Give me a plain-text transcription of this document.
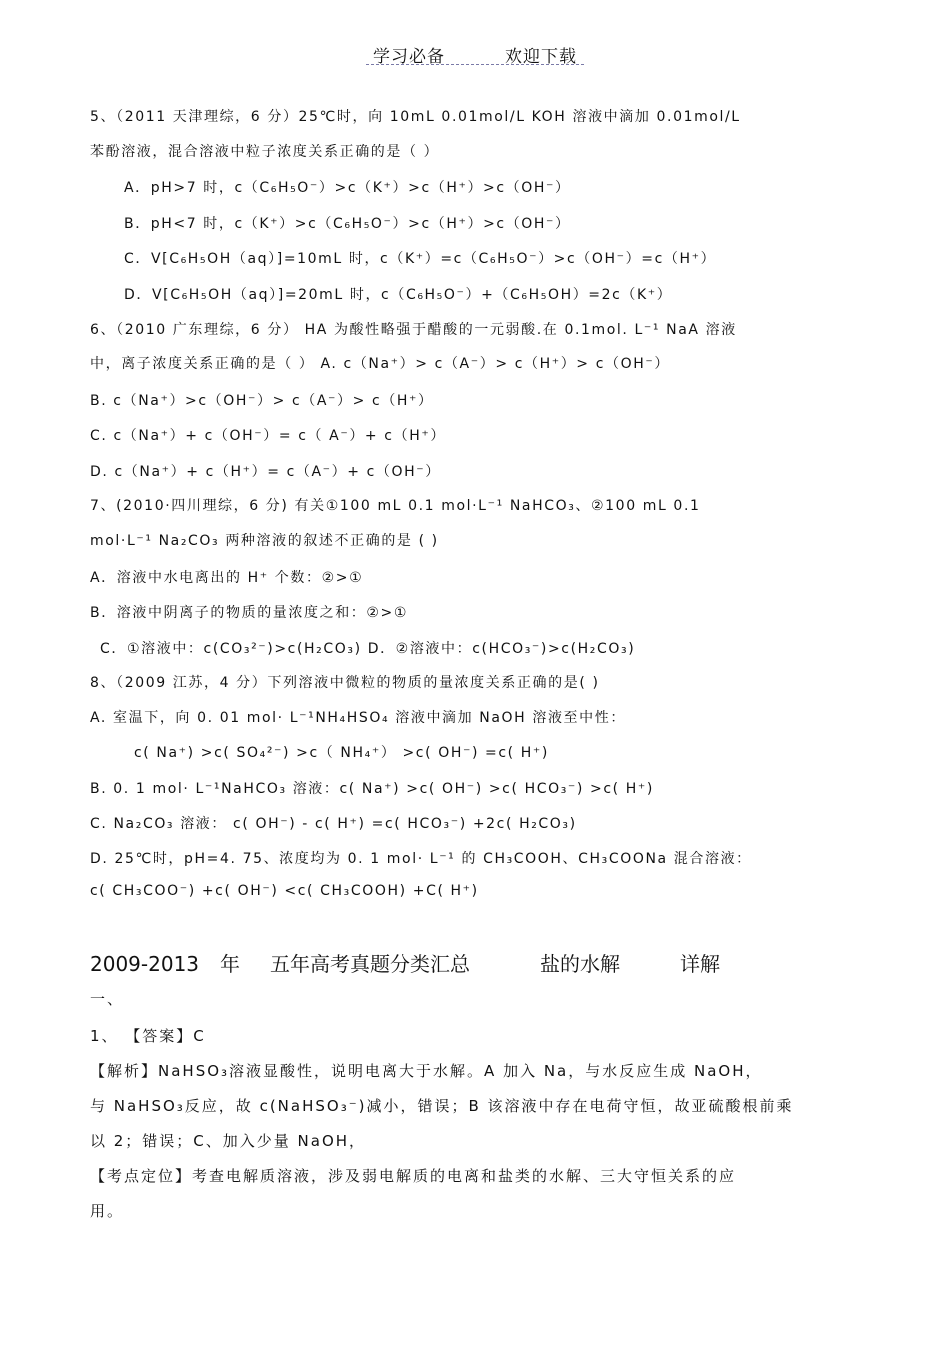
学习必备	欢迎下载
5、（2011 天津理综，6 分）25℃时，向 10mL 0.01mol/L KOH 溶液中滴加 0.01mol/L
苯酚溶液，混合溶液中粒子浓度关系正确的是（ ）
A．pH>7 时，c（C₆H₅O⁻）>c（K⁺）>c（H⁺）>c（OH⁻）
B．pH<7 时，c（K⁺）>c（C₆H₅O⁻）>c（H⁺）>c（OH⁻）
C．V[C₆H₅OH（aq）]=10mL 时，c（K⁺）=c（C₆H₅O⁻）>c（OH⁻）=c（H⁺）
D．V[C₆H₅OH（aq）]=20mL 时，c（C₆H₅O⁻）+（C₆H₅OH）=2c（K⁺）
6、（2010 广东理综，6 分） HA 为酸性略强于醋酸的一元弱酸.在 0.1mol. L⁻¹ NaA 溶液
中，离子浓度关系正确的是（ ） A. c（Na⁺）> c（A⁻）> c（H⁺）> c（OH⁻）
B. c（Na⁺）>c（OH⁻）> c（A⁻）> c（H⁺）
C. c（Na⁺）+ c（OH⁻）= c（ A⁻）+ c（H⁺）
D. c（Na⁺）+ c（H⁺）= c（A⁻）+ c（OH⁻）
7、(2010·四川理综，6 分) 有关①100 mL 0.1 mol·L⁻¹ NaHCO₃、②100 mL 0.1
mol·L⁻¹ Na₂CO₃ 两种溶液的叙述不正确的是 ( )
A．溶液中水电离出的 H⁺ 个数：②>①
B．溶液中阴离子的物质的量浓度之和：②>①
C．①溶液中：c(CO₃²⁻)>c(H₂CO₃) D．②溶液中：c(HCO₃⁻)>c(H₂CO₃)
8、（2009 江苏，4 分）下列溶液中微粒的物质的量浓度关系正确的是( )
A. 室温下，向 0. 01 mol· L⁻¹NH₄HSO₄ 溶液中滴加 NaOH 溶液至中性：
c( Na⁺) >c( SO₄²⁻) >c（ NH₄⁺） >c( OH⁻) =c( H⁺)
B. 0. 1 mol· L⁻¹NaHCO₃ 溶液：c( Na⁺) >c( OH⁻) >c( HCO₃⁻) >c( H⁺)
C. Na₂CO₃ 溶液： c( OH⁻) - c( H⁺) =c( HCO₃⁻) +2c( H₂CO₃)
D. 25℃时，pH=4. 75、浓度均为 0. 1 mol· L⁻¹ 的 CH₃COOH、CH₃COONa 混合溶液：
c( CH₃COO⁻) +c( OH⁻) <c( CH₃COOH) +C( H⁺)
2009-2013 年 五年高考真题分类汇总	盐的水解	详解
一、
1、 【答案】C
【解析】NaHSO₃溶液显酸性，说明电离大于水解。A 加入 Na，与水反应生成 NaOH，
与 NaHSO₃反应，故 c(NaHSO₃⁻)减小，错误；B 该溶液中存在电荷守恒，故亚硫酸根前乘
以 2；错误；C、加入少量 NaOH，
【考点定位】考查电解质溶液，涉及弱电解质的电离和盐类的水解、三大守恒关系的应
用。
